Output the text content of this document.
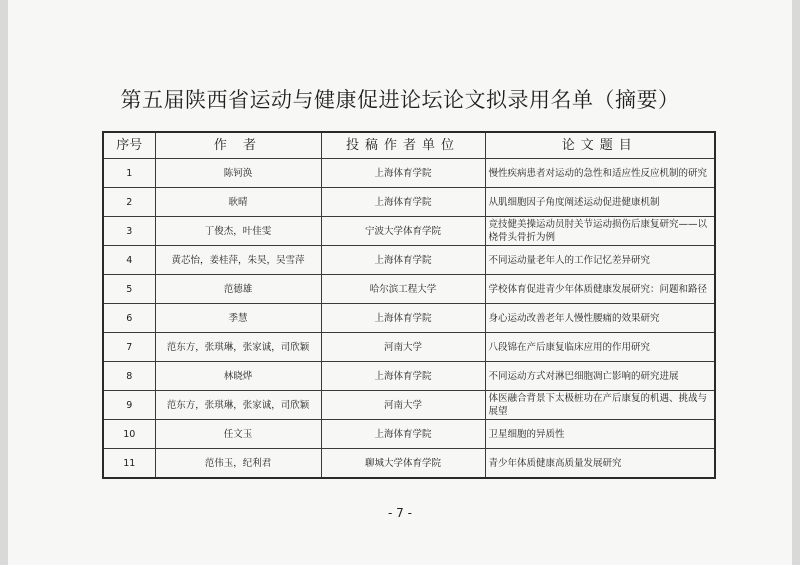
第五届陕西省运动与健康促进论坛论文拟录用名单（摘要）
序号	作 者	投稿作者单位	论文题目
1	陈钶涣	上海体育学院	慢性疾病患者对运动的急性和适应性反应机制的研究
2	耿晴	上海体育学院	从肌细胞因子角度阐述运动促进健康机制
3	丁俊杰，叶佳雯	宁波大学体育学院	竞技健美操运动员肘关节运动损伤后康复研究——以桡骨头骨折为例
4	黄芯怡，姜桂萍，朱昊，吴雪萍	上海体育学院	不同运动量老年人的工作记忆差异研究
5	范德雄	哈尔滨工程大学	学校体育促进青少年体质健康发展研究：问题和路径
6	季慧	上海体育学院	身心运动改善老年人慢性腰痛的效果研究
7	范东方，张琪琳，张家诚，司欣颖	河南大学	八段锦在产后康复临床应用的作用研究
8	林晓烨	上海体育学院	不同运动方式对淋巴细胞凋亡影响的研究进展
9	范东方，张琪琳，张家诚，司欣颖	河南大学	体医融合背景下太极桩功在产后康复的机遇、挑战与展望
10	任文玉	上海体育学院	卫星细胞的异质性
11	范伟玉，纪利君	聊城大学体育学院	青少年体质健康高质量发展研究
- 7 -
